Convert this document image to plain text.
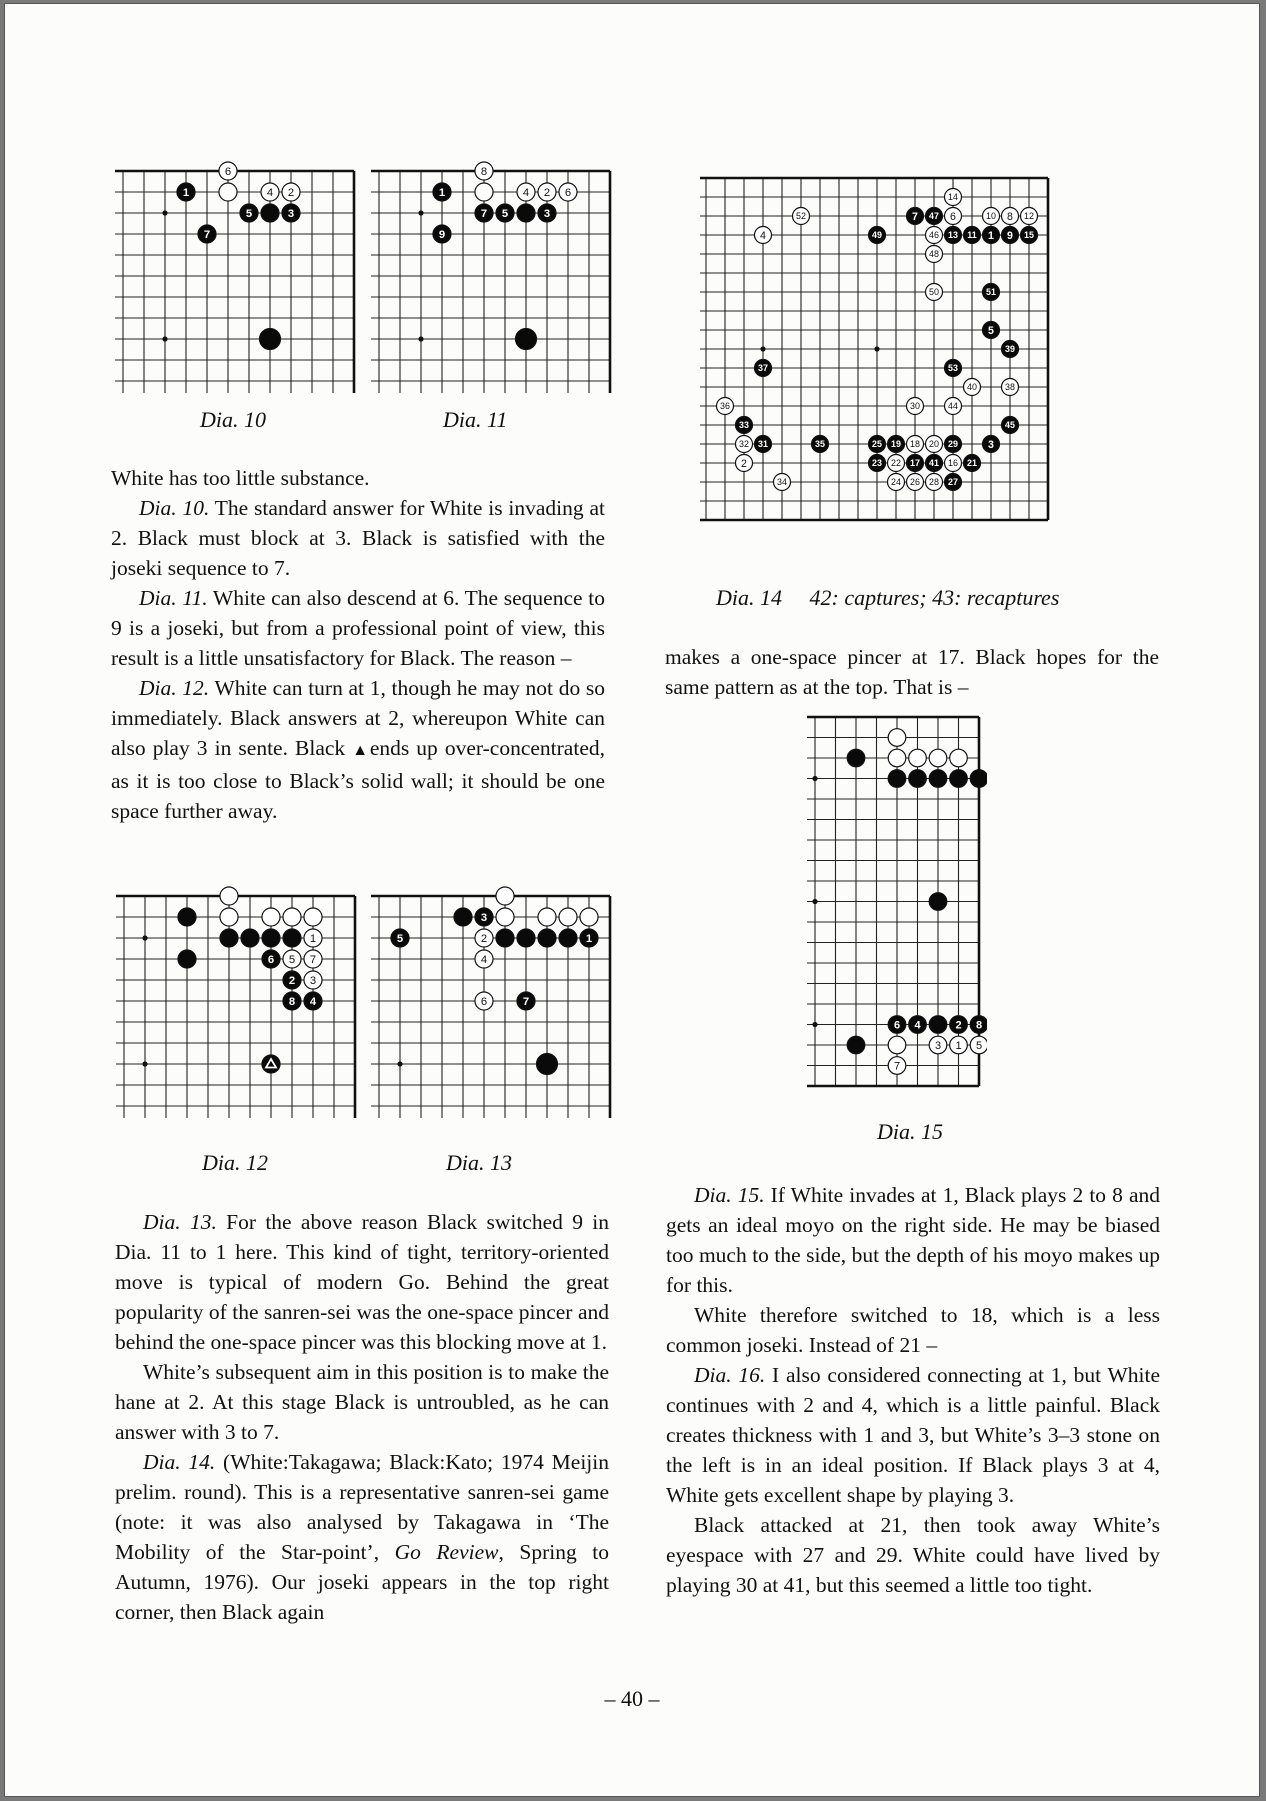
6
1	4 2
5	3
7
Dia. 10
8
1	4 2 6
7 5	3
9
Dia. 11
14
52	7 47 6	10 8 12
4	49	46 13 11 1 9 15
48
50	51
5
39
37	53
40	38
36	30	44
33	45
32 31	35	25 19 18 20 29	3
2	23 22 17 41 16 21
34	24 26 28 27
Dia. 14 42: captures; 43: recaptures

White has too little substance.

Dia. 10. The standard answer for White is invading at 2. Black must block at 3. Black is satisfied with the joseki sequence to 7.

Dia. 11. White can also descend at 6. The sequence to 9 is a joseki, but from a professional point of view, this result is a little unsatisfactory for Black. The reason –

Dia. 12. White can turn at 1, though he may not do so immediately. Black answers at 2, whereupon White can also play 3 in sente. Black ▲ends up over-concentrated, as it is too close to Black’s solid wall; it should be one space further away.

makes a one-space pincer at 17. Black hopes for the same pattern as at the top. That is –

6 4	2 8
3 1 5
7
Dia. 15
1
6 5 7
2 3
8 4
Dia. 12
3
5	2	1
4
6	7
Dia. 13

Dia. 13. For the above reason Black switched 9 in Dia. 11 to 1 here. This kind of tight, territory-oriented move is typical of modern Go. Behind the great popularity of the sanren-sei was the one-space pincer and behind the one-space pincer was this blocking move at 1.

White’s subsequent aim in this position is to make the hane at 2. At this stage Black is untroubled, as he can answer with 3 to 7.

Dia. 14. (White:Takagawa; Black:Kato; 1974 Meijin prelim. round). This is a representative sanren-sei game (note: it was also analysed by Takagawa in ‘The Mobility of the Star-point’, Go Review, Spring to Autumn, 1976). Our joseki appears in the top right corner, then Black again

Dia. 15. If White invades at 1, Black plays 2 to 8 and gets an ideal moyo on the right side. He may be biased too much to the side, but the depth of his moyo makes up for this.

White therefore switched to 18, which is a less common joseki. Instead of 21 –

Dia. 16. I also considered connecting at 1, but White continues with 2 and 4, which is a little painful. Black creates thickness with 1 and 3, but White’s 3–3 stone on the left is in an ideal position. If Black plays 3 at 4, White gets excellent shape by playing 3.

Black attacked at 21, then took away White’s eyespace with 27 and 29. White could have lived by playing 30 at 41, but this seemed a little too tight.

– 40 –
